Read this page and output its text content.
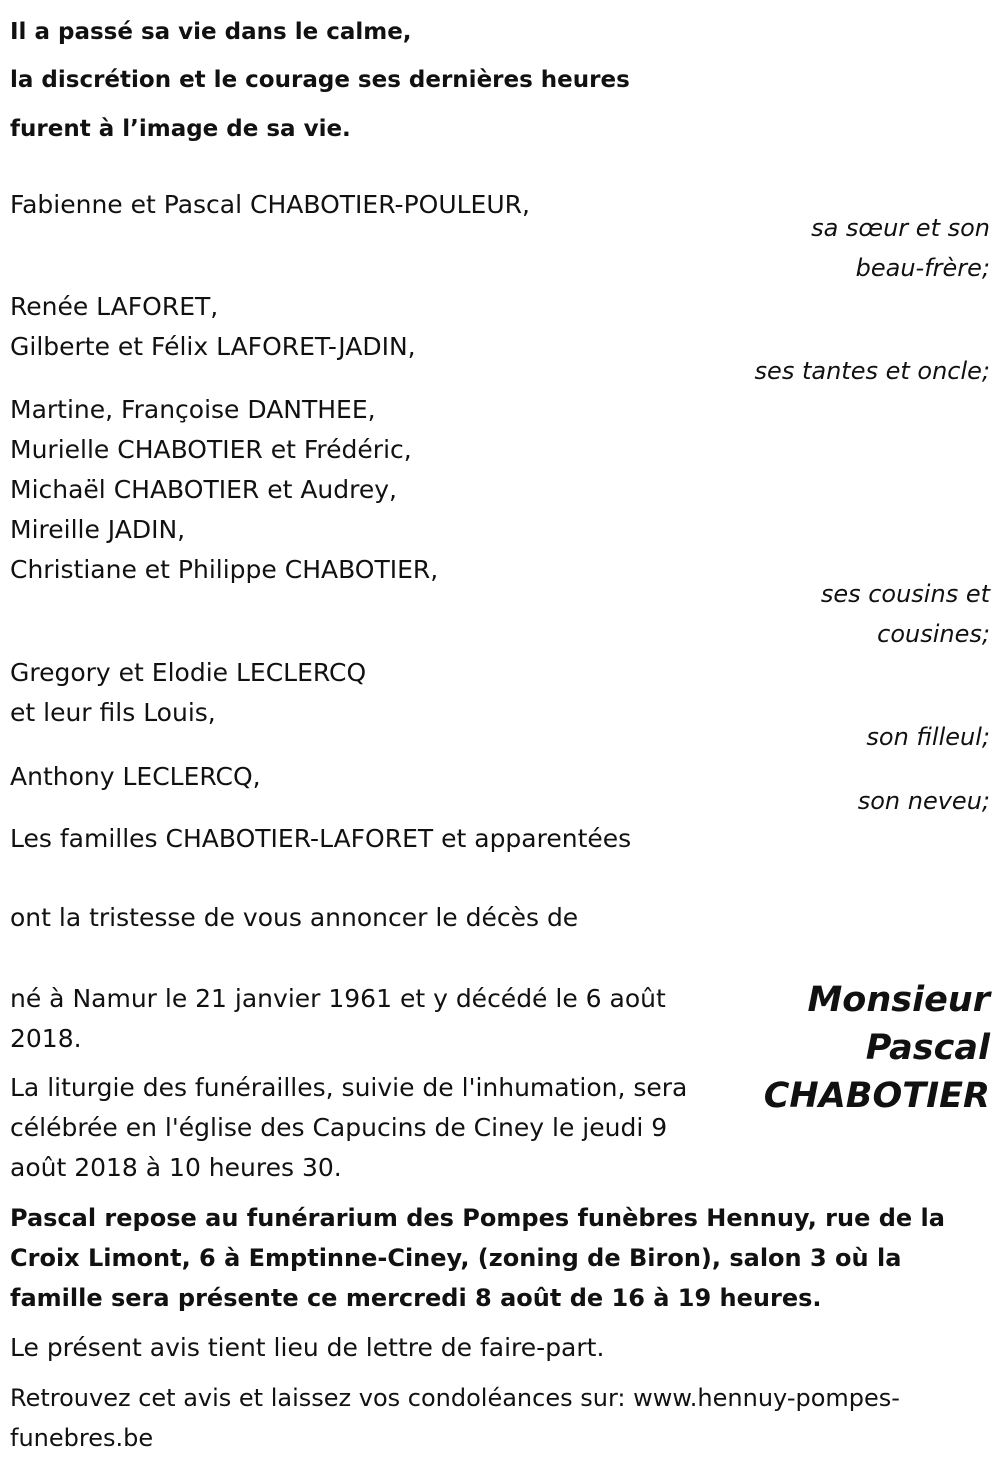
Il a passé sa vie dans le calme,
la discrétion et le courage ses dernières heures
furent à l’image de sa vie.
Fabienne et Pascal CHABOTIER-POULEUR,
sa sœur et son
beau-frère;
Renée LAFORET,
Gilberte et Félix LAFORET-JADIN,
ses tantes et oncle;
Martine, Françoise DANTHEE,
Murielle CHABOTIER et Frédéric,
Michaël CHABOTIER et Audrey,
Mireille JADIN,
Christiane et Philippe CHABOTIER,
ses cousins et
cousines;
Gregory et Elodie LECLERCQ
et leur fils Louis,
son filleul;
Anthony LECLERCQ,
son neveu;
Les familles CHABOTIER-LAFORET et apparentées
ont la tristesse de vous annoncer le décès de
Monsieur
Pascal
CHABOTIER
né à Namur le 21 janvier 1961 et y décédé le 6 août
2018.
La liturgie des funérailles, suivie de l'inhumation, sera
célébrée en l'église des Capucins de Ciney le jeudi 9
août 2018 à 10 heures 30.
Pascal repose au funérarium des Pompes funèbres Hennuy, rue de la
Croix Limont, 6 à Emptinne-Ciney, (zoning de Biron), salon 3 où la
famille sera présente ce mercredi 8 août de 16 à 19 heures.
Le présent avis tient lieu de lettre de faire-part.
Retrouvez cet avis et laissez vos condoléances sur: www.hennuy-pompes-
funebres.be
